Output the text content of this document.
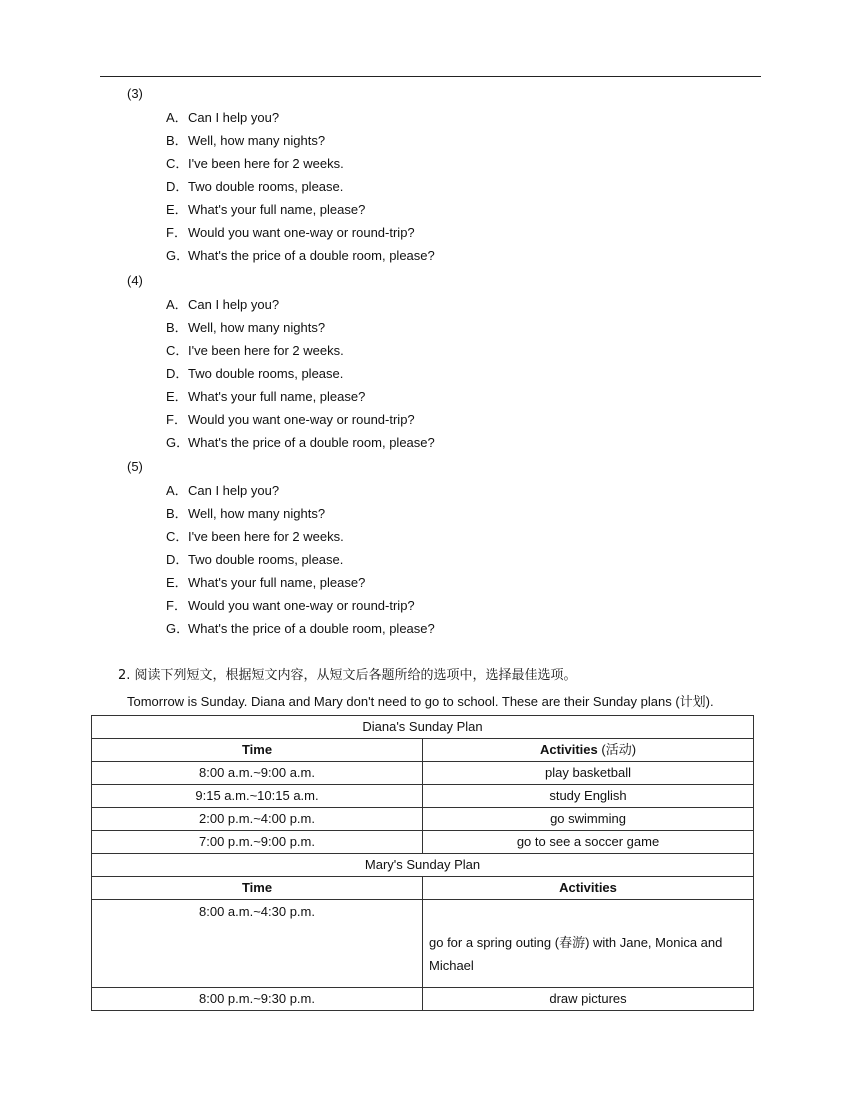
(3)
A．Can I help you?
B．Well, how many nights?
C．I've been here for 2 weeks.
D．Two double rooms, please.
E．What's your full name, please?
F．Would you want one-way or round-trip?
G．What's the price of a double room, please?
(4)
A．Can I help you?
B．Well, how many nights?
C．I've been here for 2 weeks.
D．Two double rooms, please.
E．What's your full name, please?
F．Would you want one-way or round-trip?
G．What's the price of a double room, please?
(5)
A．Can I help you?
B．Well, how many nights?
C．I've been here for 2 weeks.
D．Two double rooms, please.
E．What's your full name, please?
F．Would you want one-way or round-trip?
G．What's the price of a double room, please?
2. 阅读下列短文，根据短文内容，从短文后各题所给的选项中，选择最佳选项。
Tomorrow is Sunday. Diana and Mary don't need to go to school. These are their Sunday plans (计划).
Diana's Sunday Plan	
Time	Activities (活动)
8:00 a.m.~9:00 a.m.	play basketball
9:15 a.m.~10:15 a.m.	study English
2:00 p.m.~4:00 p.m.	go swimming
7:00 p.m.~9:00 p.m.	go to see a soccer game
Mary's Sunday Plan	
Time	Activities
8:00 a.m.~4:30 p.m.	go for a spring outing (春游) with Jane, Monica and Michael
8:00 p.m.~9:30 p.m.	draw pictures
